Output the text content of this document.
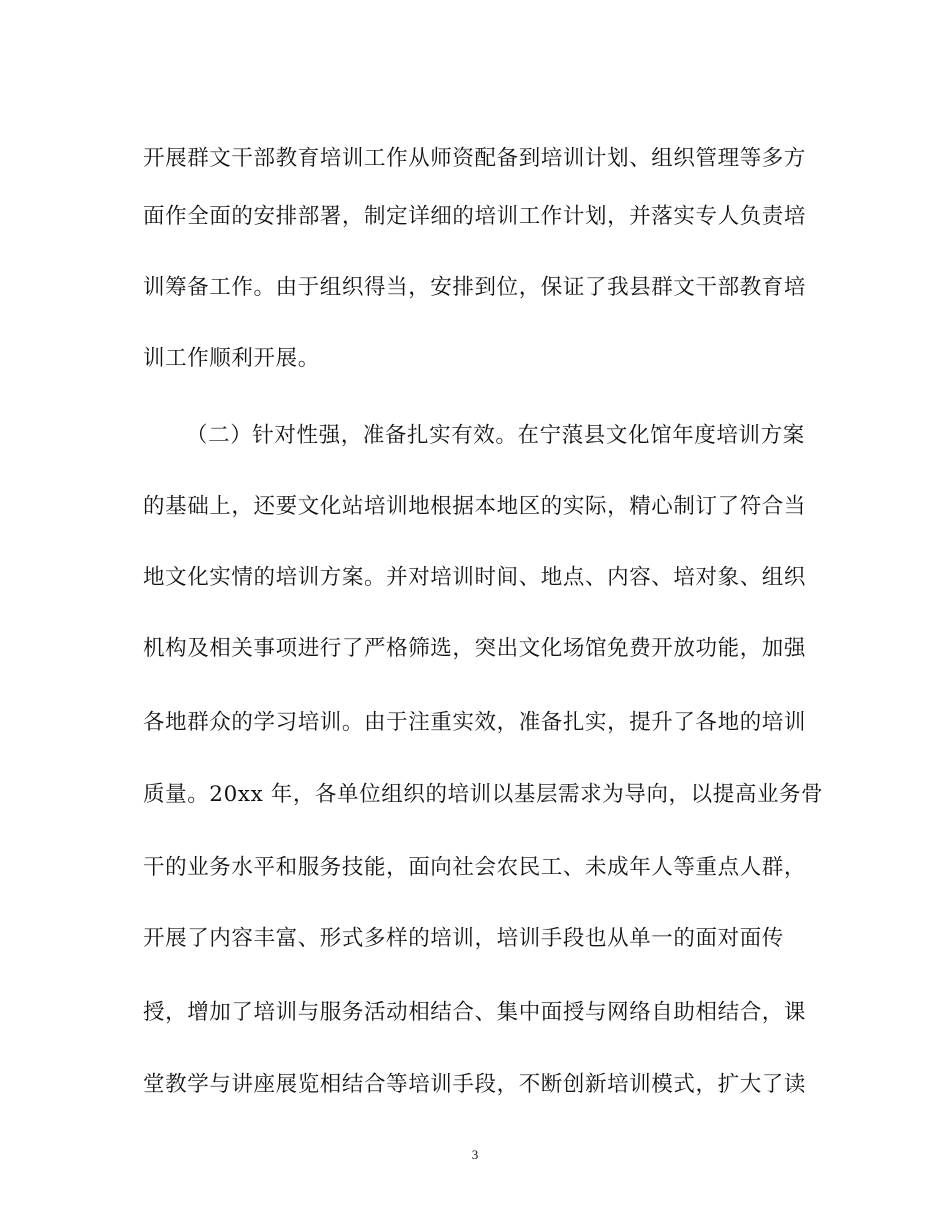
开展群文干部教育培训工作从师资配备到培训计划、组织管理等多方
面作全面的安排部署，制定详细的培训工作计划，并落实专人负责培
训筹备工作。由于组织得当，安排到位，保证了我县群文干部教育培
训工作顺利开展。
（二）针对性强，准备扎实有效。在宁蒗县文化馆年度培训方案
的基础上，还要文化站培训地根据本地区的实际，精心制订了符合当
地文化实情的培训方案。并对培训时间、地点、内容、培对象、组织
机构及相关事项进行了严格筛选，突出文化场馆免费开放功能，加强
各地群众的学习培训。由于注重实效，准备扎实，提升了各地的培训
质量。20xx 年，各单位组织的培训以基层需求为导向，以提高业务骨
干的业务水平和服务技能，面向社会农民工、未成年人等重点人群，
开展了内容丰富、形式多样的培训，培训手段也从单一的面对面传
授，增加了培训与服务活动相结合、集中面授与网络自助相结合，课
堂教学与讲座展览相结合等培训手段，不断创新培训模式，扩大了读
3
